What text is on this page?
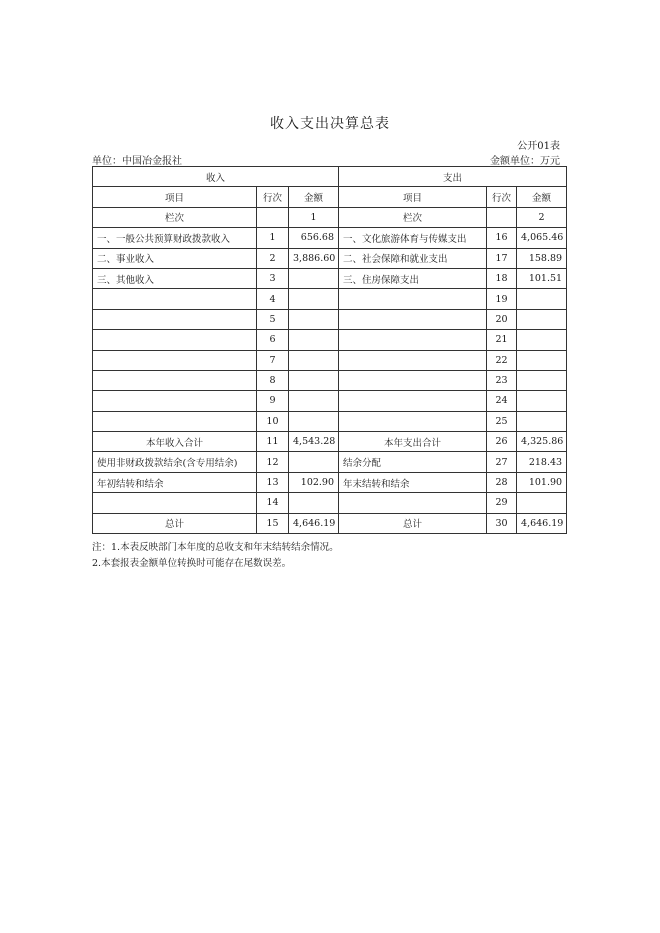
收入支出决算总表
公开01表
单位：中国冶金报社	金额单位：万元
收入			支出		
项目	行次	金额	项目	行次	金额
栏次		1	栏次		2
一、一般公共预算财政拨款收入	1	656.68	一、文化旅游体育与传媒支出	16	4,065.46
二、事业收入	2	3,886.60	二、社会保障和就业支出	17	158.89
三、其他收入	3		三、住房保障支出	18	101.51
	4			19	
	5			20	
	6			21	
	7			22	
	8			23	
	9			24	
	10			25	
本年收入合计	11	4,543.28	本年支出合计	26	4,325.86
使用非财政拨款结余(含专用结余)	12		结余分配	27	218.43
年初结转和结余	13	102.90	年末结转和结余	28	101.90
	14			29	
总计	15	4,646.19	总计	30	4,646.19
注：1.本表反映部门本年度的总收支和年末结转结余情况。
2.本套报表金额单位转换时可能存在尾数误差。
